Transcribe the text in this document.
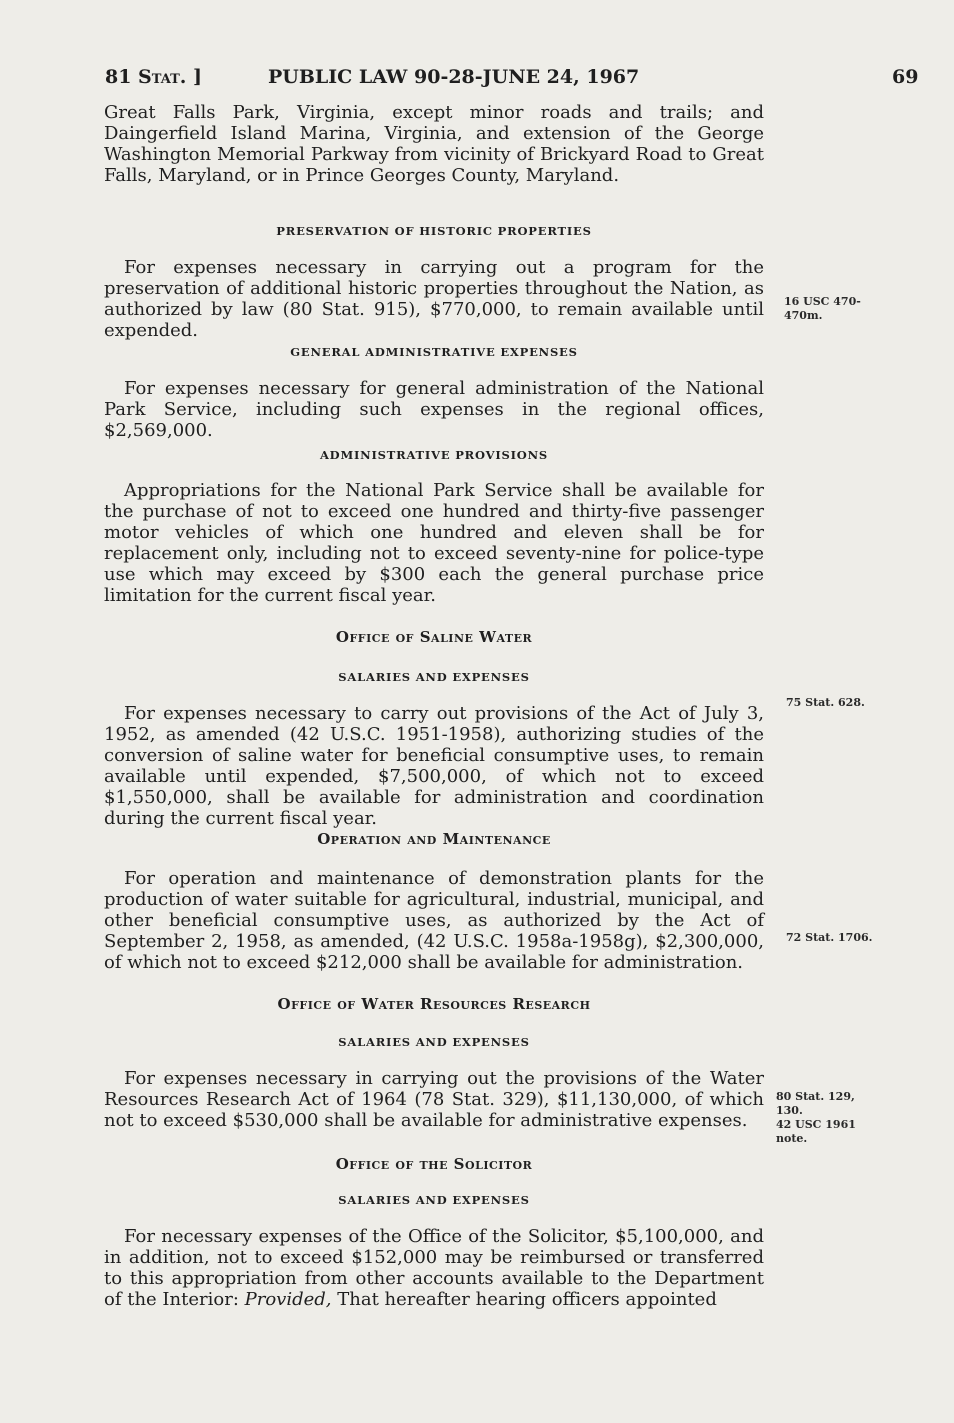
81 Stat. ]	PUBLIC LAW 90-28-JUNE 24, 1967	69

Great Falls Park, Virginia, except minor roads and trails; and Daingerfield Island Marina, Virginia, and extension of the George Washington Memorial Parkway from vicinity of Brickyard Road to Great Falls, Maryland, or in Prince Georges County, Maryland.

PRESERVATION OF HISTORIC PROPERTIES

For expenses necessary in carrying out a program for the preservation of additional historic properties throughout the Nation, as authorized by law (80 Stat. 915), $770,000, to remain available until expended.

16 USC 470-
470m.
GENERAL ADMINISTRATIVE EXPENSES

For expenses necessary for general administration of the National Park Service, including such expenses in the regional offices, $2,569,000.

ADMINISTRATIVE PROVISIONS

Appropriations for the National Park Service shall be available for the purchase of not to exceed one hundred and thirty-five passenger motor vehicles of which one hundred and eleven shall be for replacement only, including not to exceed seventy-nine for police-type use which may exceed by $300 each the general purchase price limitation for the current fiscal year.

Office of Saline Water
SALARIES AND EXPENSES

For expenses necessary to carry out provisions of the Act of July 3, 1952, as amended (42 U.S.C. 1951-1958), authorizing studies of the conversion of saline water for beneficial consumptive uses, to remain available until expended, $7,500,000, of which not to exceed $1,550,000, shall be available for administration and coordination during the current fiscal year.

75 Stat. 628.
Operation and Maintenance

For operation and maintenance of demonstration plants for the production of water suitable for agricultural, industrial, municipal, and other beneficial consumptive uses, as authorized by the Act of September 2, 1958, as amended, (42 U.S.C. 1958a-1958g), $2,300,000, of which not to exceed $212,000 shall be available for administration.

72 Stat. 1706.
Office of Water Resources Research
SALARIES AND EXPENSES

For expenses necessary in carrying out the provisions of the Water Resources Research Act of 1964 (78 Stat. 329), $11,130,000, of which not to exceed $530,000 shall be available for administrative expenses.

80 Stat. 129,
130.
42 USC 1961
note.
Office of the Solicitor
SALARIES AND EXPENSES

For necessary expenses of the Office of the Solicitor, $5,100,000, and in addition, not to exceed $152,000 may be reimbursed or transferred to this appropriation from other accounts available to the Department of the Interior: Provided, That hereafter hearing officers appointed
